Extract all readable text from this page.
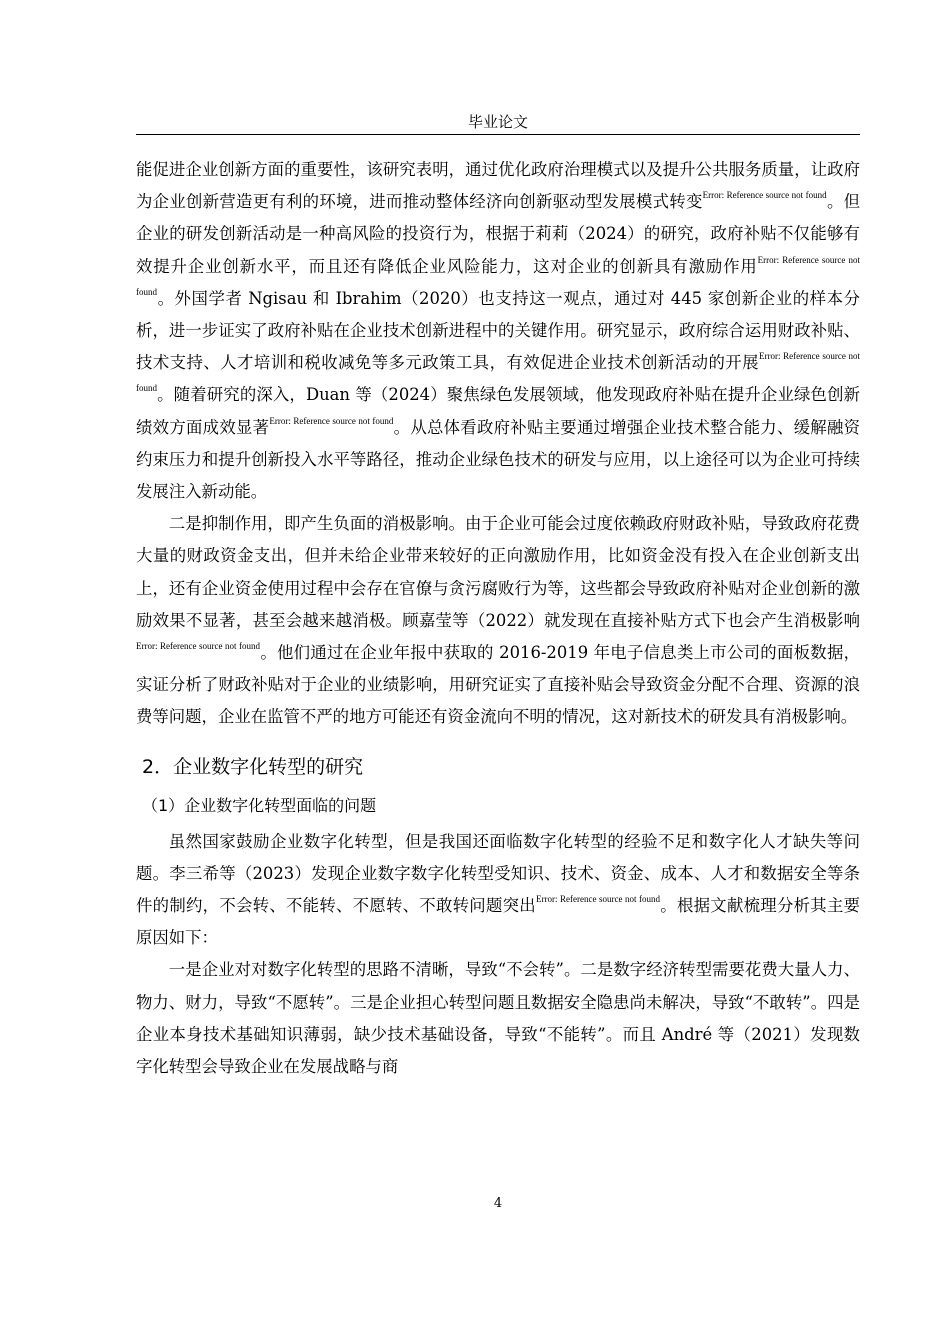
毕业论文

能促进企业创新方面的重要性，该研究表明，通过优化政府治理模式以及提升公共服务质量，让政府为企业创新营造更有利的环境，进而推动整体经济向创新驱动型发展模式转变$^{Error: Reference source not found}$。但企业的研发创新活动是一种高风险的投资行为，根据于莉莉（2024）的研究，政府补贴不仅能够有效提升企业创新水平，而且还有降低企业风险能力，这对企业的创新具有激励作用$^{Error: Reference source not found}$。外国学者 Ngisau 和 Ibrahim（2020）也支持这一观点，通过对 445 家创新企业的样本分析，进一步证实了政府补贴在企业技术创新进程中的关键作用。研究显示，政府综合运用财政补贴、技术支持、人才培训和税收减免等多元政策工具，有效促进企业技术创新活动的开展$^{Error: Reference source not found}$。随着研究的深入，Duan 等（2024）聚焦绿色发展领域，他发现政府补贴在提升企业绿色创新绩效方面成效显著$^{Error: Reference source not found}$。从总体看政府补贴主要通过增强企业技术整合能力、缓解融资约束压力和提升创新投入水平等路径，推动企业绿色技术的研发与应用，以上途径可以为企业可持续发展注入新动能。

二是抑制作用，即产生负面的消极影响。由于企业可能会过度依赖政府财政补贴，导致政府花费大量的财政资金支出，但并未给企业带来较好的正向激励作用，比如资金没有投入在企业创新支出上，还有企业资金使用过程中会存在官僚与贪污腐败行为等，这些都会导致政府补贴对企业创新的激励效果不显著，甚至会越来越消极。顾嘉莹等（2022）就发现在直接补贴方式下也会产生消极影响$^{Error: Reference source not found}$。他们通过在企业年报中获取的 2016-2019 年电子信息类上市公司的面板数据，实证分析了财政补贴对于企业的业绩影响，用研究证实了直接补贴会导致资金分配不合理、资源的浪费等问题，企业在监管不严的地方可能还有资金流向不明的情况，这对新技术的研发具有消极影响。

2．企业数字化转型的研究
（1）企业数字化转型面临的问题

虽然国家鼓励企业数字化转型，但是我国还面临数字化转型的经验不足和数字化人才缺失等问题。李三希等（2023）发现企业数字数字化转型受知识、技术、资金、成本、人才和数据安全等条件的制约，不会转、不能转、不愿转、不敢转问题突出$^{Error: Reference source not found}$。根据文献梳理分析其主要原因如下：

一是企业对对数字化转型的思路不清晰，导致“不会转”。二是数字经济转型需要花费大量人力、物力、财力，导致“不愿转”。三是企业担心转型问题且数据安全隐患尚未解决，导致“不敢转”。四是企业本身技术基础知识薄弱，缺少技术基础设备，导致“不能转”。而且 André 等（2021）发现数字化转型会导致企业在发展战略与商

4
